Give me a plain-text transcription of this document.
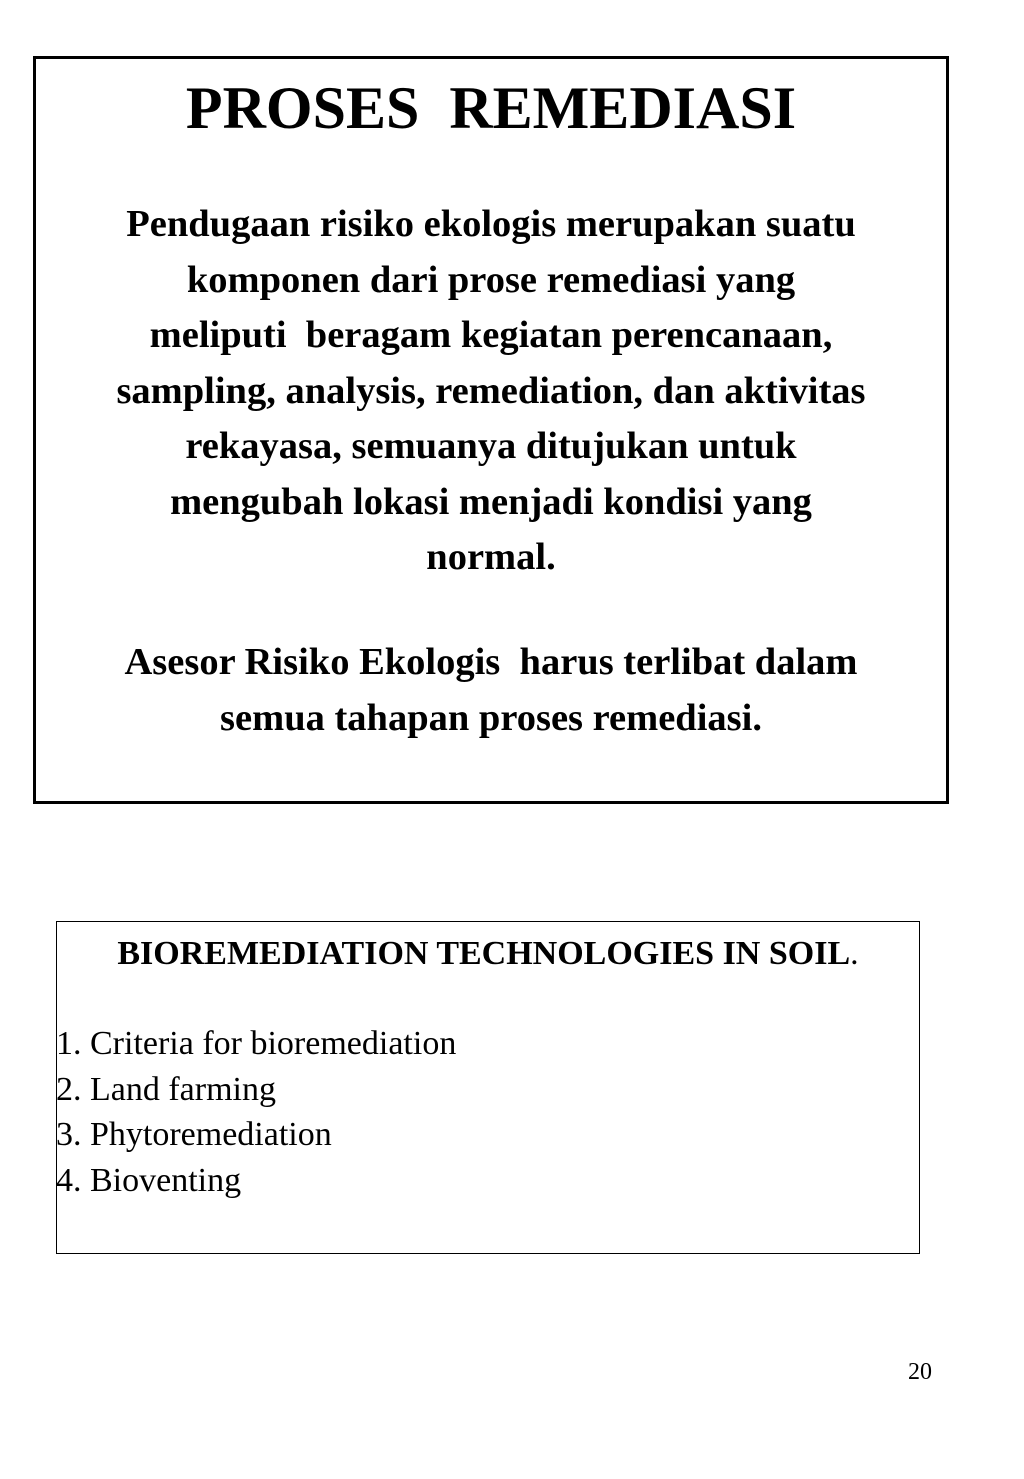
PROSES  REMEDIASI

Pendugaan risiko ekologis merupakan suatu
komponen dari prose remediasi yang
meliputi  beragam kegiatan perencanaan,
sampling, analysis, remediation, dan aktivitas
rekayasa, semuanya ditujukan untuk
mengubah lokasi menjadi kondisi yang
normal.

Asesor Risiko Ekologis  harus terlibat dalam
semua tahapan proses remediasi.

BIOREMEDIATION TECHNOLOGIES IN SOIL.

1. Criteria for bioremediation
2. Land farming
3. Phytoremediation
4. Bioventing
20
